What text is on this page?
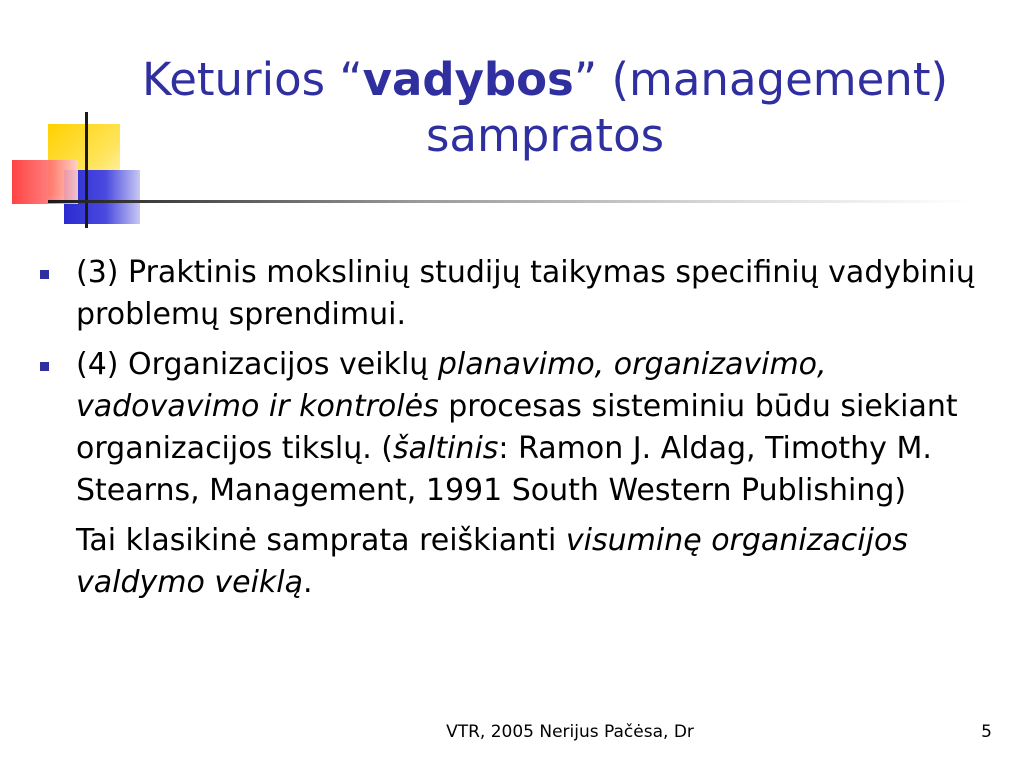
Keturios “vadybos” (management)
sampratos
(3) Praktinis mokslinių studijų taikymas specifinių vadybinių problemų sprendimui.
(4) Organizacijos veiklų planavimo, organizavimo, vadovavimo ir kontrolės procesas sisteminiu būdu siekiant organizacijos tikslų. (šaltinis: Ramon J. Aldag, Timothy M. Stearns, Management, 1991 South Western Publishing)
Tai klasikinė samprata reiškianti visuminę organizacijos valdymo veiklą.
VTR, 2005 Nerijus Pačėsa, Dr	5
